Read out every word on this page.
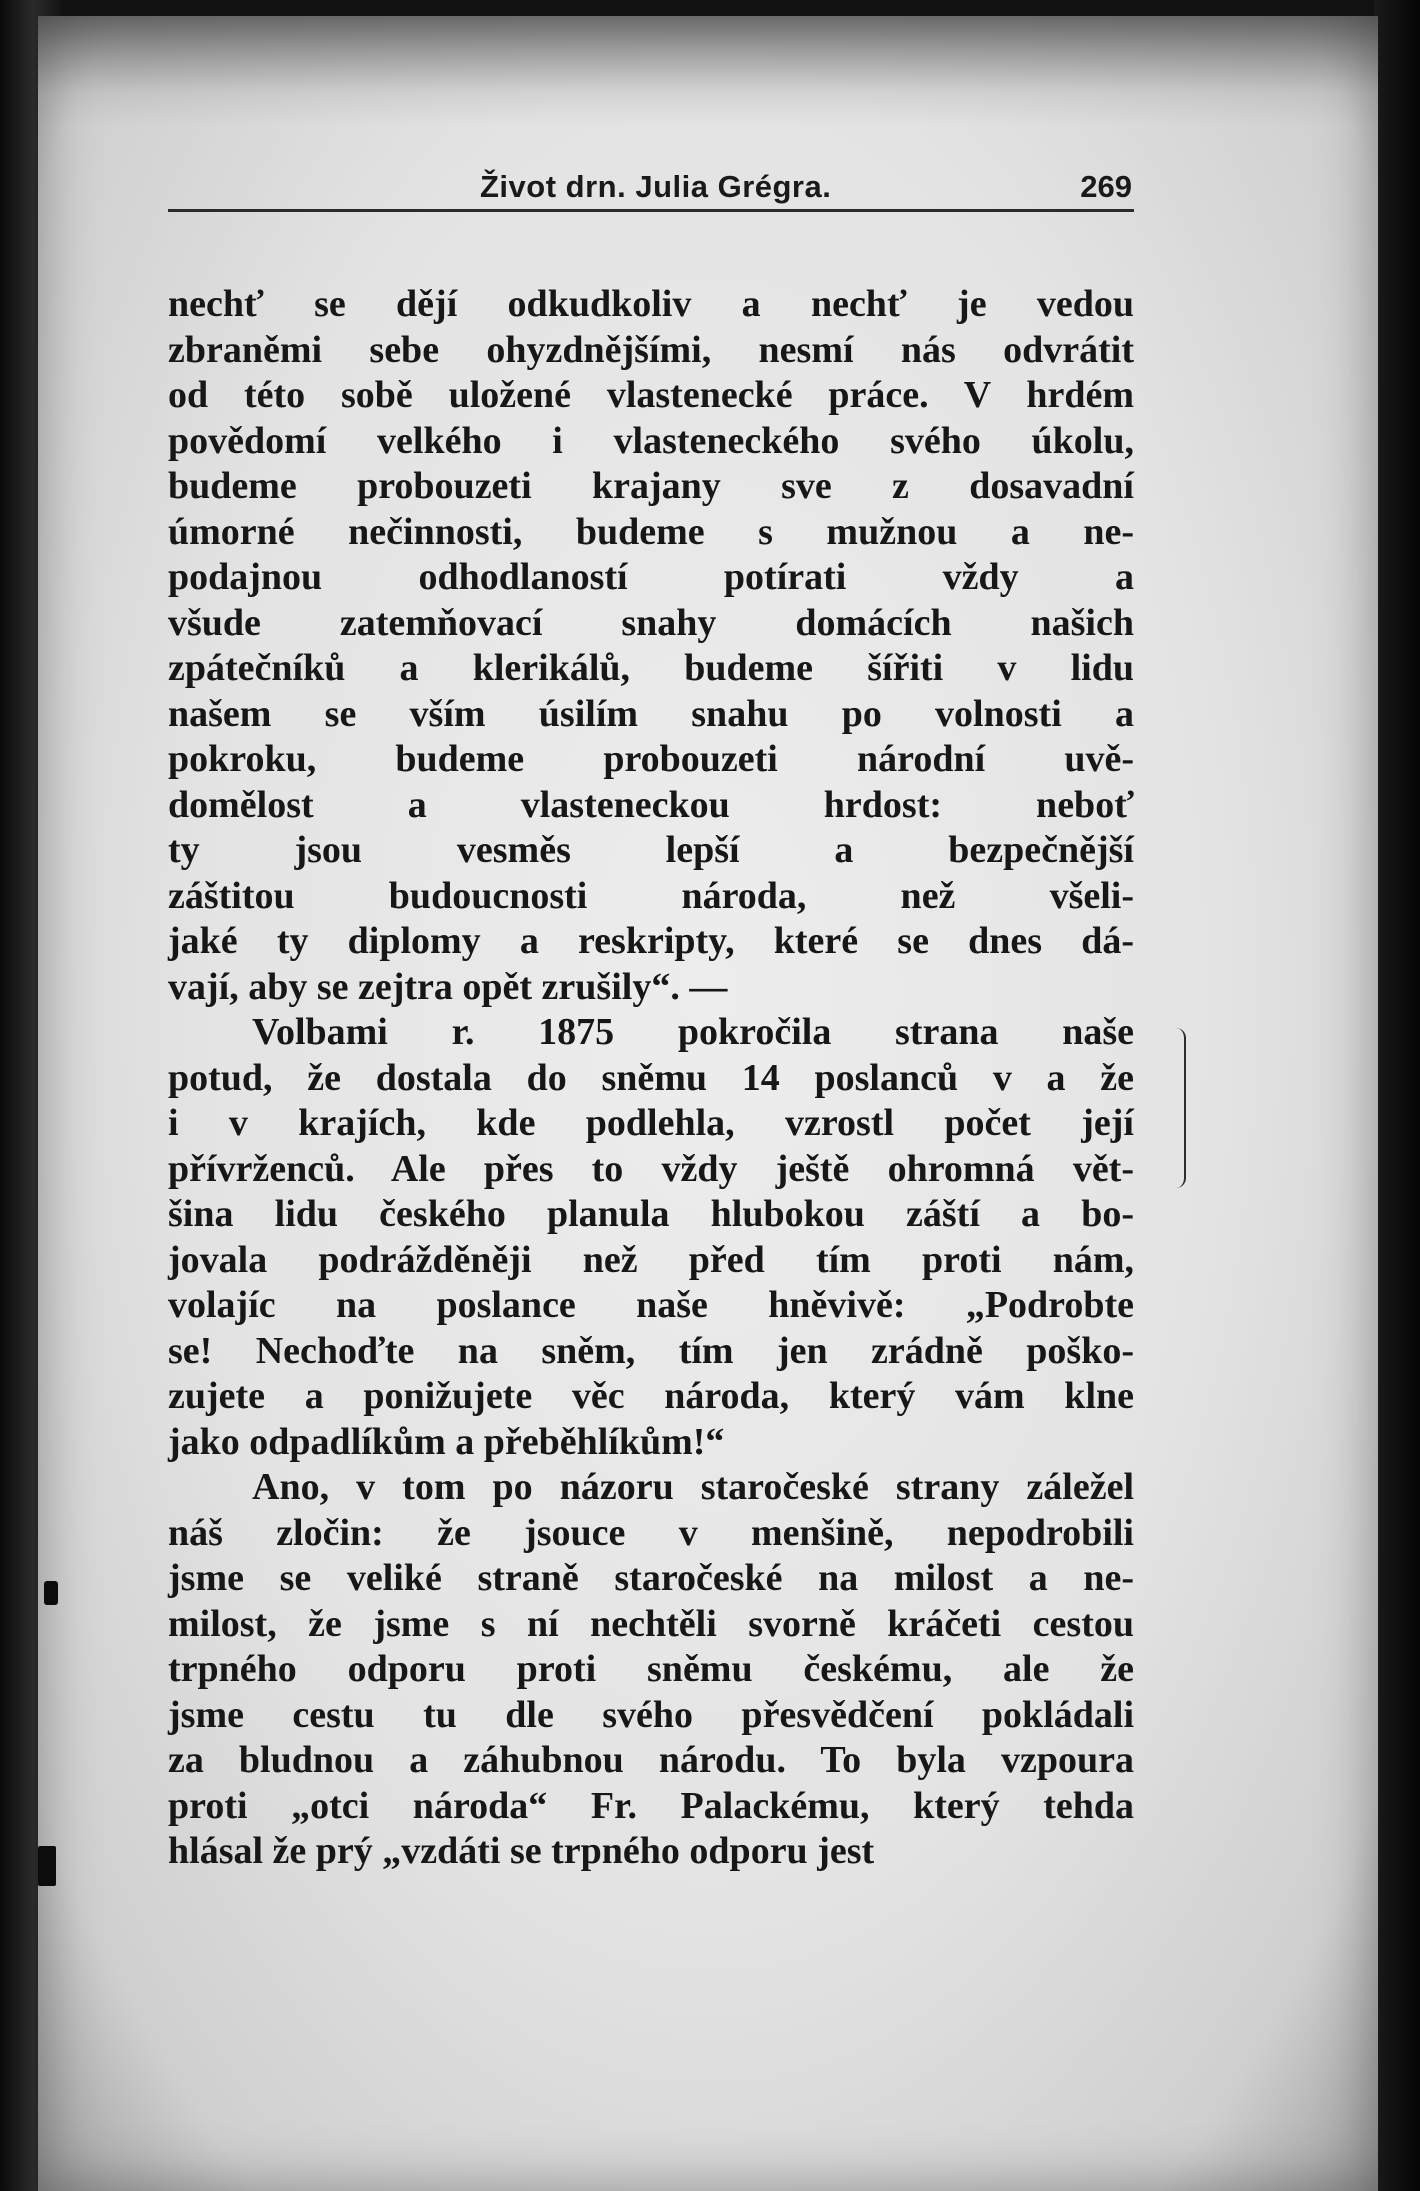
Život drn. Julia Grégra.	269
nechť se dějí odkudkoliv a nechť je vedou
zbraněmi sebe ohyzdnějšími, nesmí nás odvrátit
od této sobě uložené vlastenecké práce. V hrdém
povědomí velkého i vlasteneckého svého úkolu,
budeme probouzeti krajany sve z dosavadní
úmorné nečinnosti, budeme s mužnou a ne-
podajnou odhodlaností potírati vždy a
všude zatemňovací snahy domácích našich
zpátečníků a klerikálů, budeme šířiti v lidu
našem se vším úsilím snahu po volnosti a
pokroku, budeme probouzeti národní uvě-
domělost a vlasteneckou hrdost: neboť
ty jsou vesměs lepší a bezpečnější
záštitou budoucnosti národa, než všeli-
jaké ty diplomy a reskripty, které se dnes dá-
vají, aby se zejtra opět zrušily“. —
Volbami r. 1875 pokročila strana naše
potud, že dostala do sněmu 14 poslanců v a že
i v krajích, kde podlehla, vzrostl počet její
přívrženců. Ale přes to vždy ještě ohromná vět-
šina lidu českého planula hlubokou záští a bo-
jovala podrážděněji než před tím proti nám,
volajíc na poslance naše hněvivě: „Podrobte
se! Nechoďte na sněm, tím jen zrádně poško-
zujete a ponižujete věc národa, který vám klne
jako odpadlíkům a přeběhlíkům!“
Ano, v tom po názoru staročeské strany záležel
náš zločin: že jsouce v menšině, nepodrobili
jsme se veliké straně staročeské na milost a ne-
milost, že jsme s ní nechtěli svorně kráčeti cestou
trpného odporu proti sněmu českému, ale že
jsme cestu tu dle svého přesvědčení pokládali
za bludnou a záhubnou národu. To byla vzpoura
proti „otci národa“ Fr. Palackému, který tehda
hlásal že prý „vzdáti se trpného odporu jest
